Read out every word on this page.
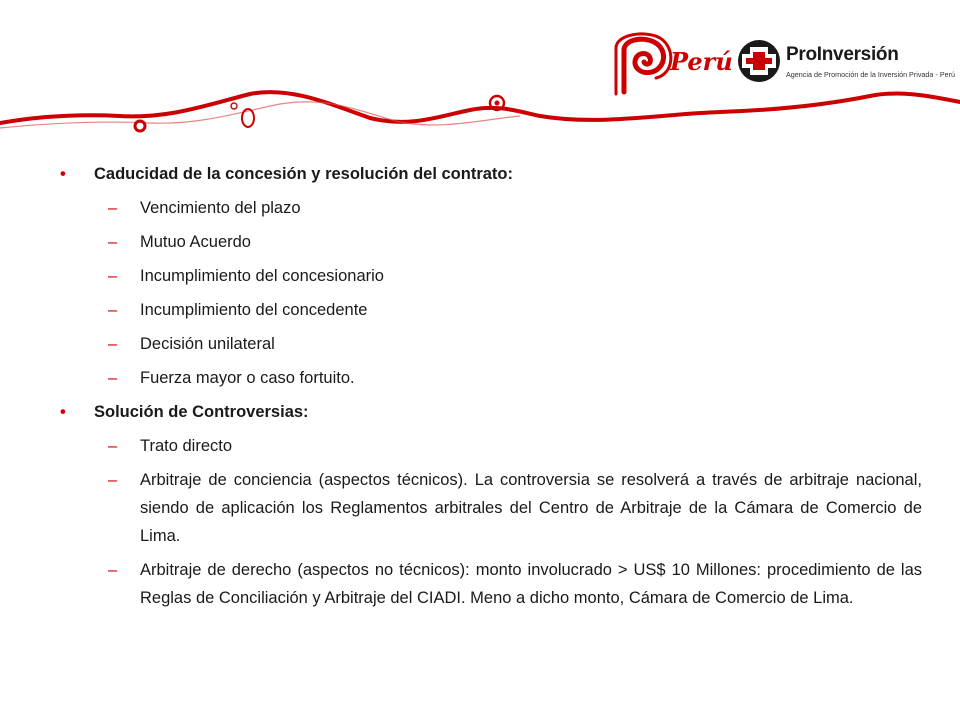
Perú	ProInversión
Agencia de Promoción de la Inversión Privada - Perú
• Caducidad de la concesión y resolución del contrato:
– Vencimiento del plazo
– Mutuo Acuerdo
– Incumplimiento del concesionario
– Incumplimiento del concedente
– Decisión unilateral
– Fuerza mayor o caso fortuito.
• Solución de Controversias:
– Trato directo
– Arbitraje de conciencia (aspectos técnicos). La controversia se resolverá a través de arbitraje nacional, siendo de aplicación los Reglamentos arbitrales del Centro de Arbitraje de la Cámara de Comercio de Lima.
– Arbitraje de derecho (aspectos no técnicos): monto involucrado > US$ 10 Millones: procedimiento de las Reglas de Conciliación y Arbitraje del CIADI. Meno a dicho monto, Cámara de Comercio de Lima.
